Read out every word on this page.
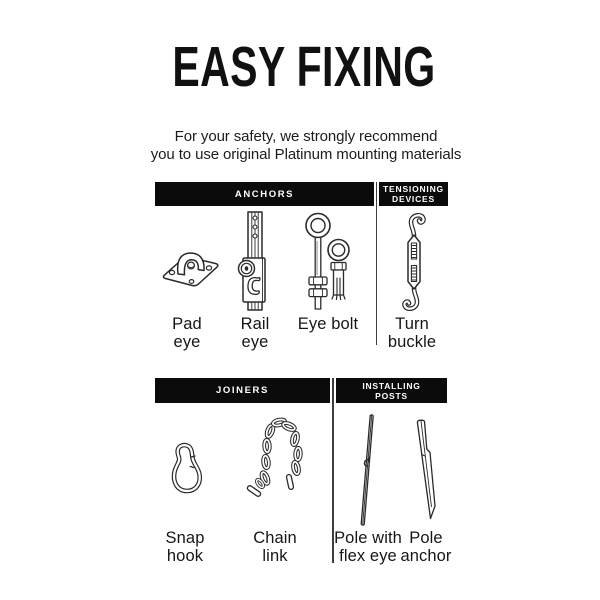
EASY FIXING
For your safety, we strongly recommend
you to use original Platinum mounting materials
ANCHORS	TENSIONING
DEVICES
Pad
eye
Rail
eye
Eye bolt	Turn
buckle
JOINERS	INSTALLING
POSTS
Snap
hook
Chain
link
Pole with
flex eye
Pole
anchor
